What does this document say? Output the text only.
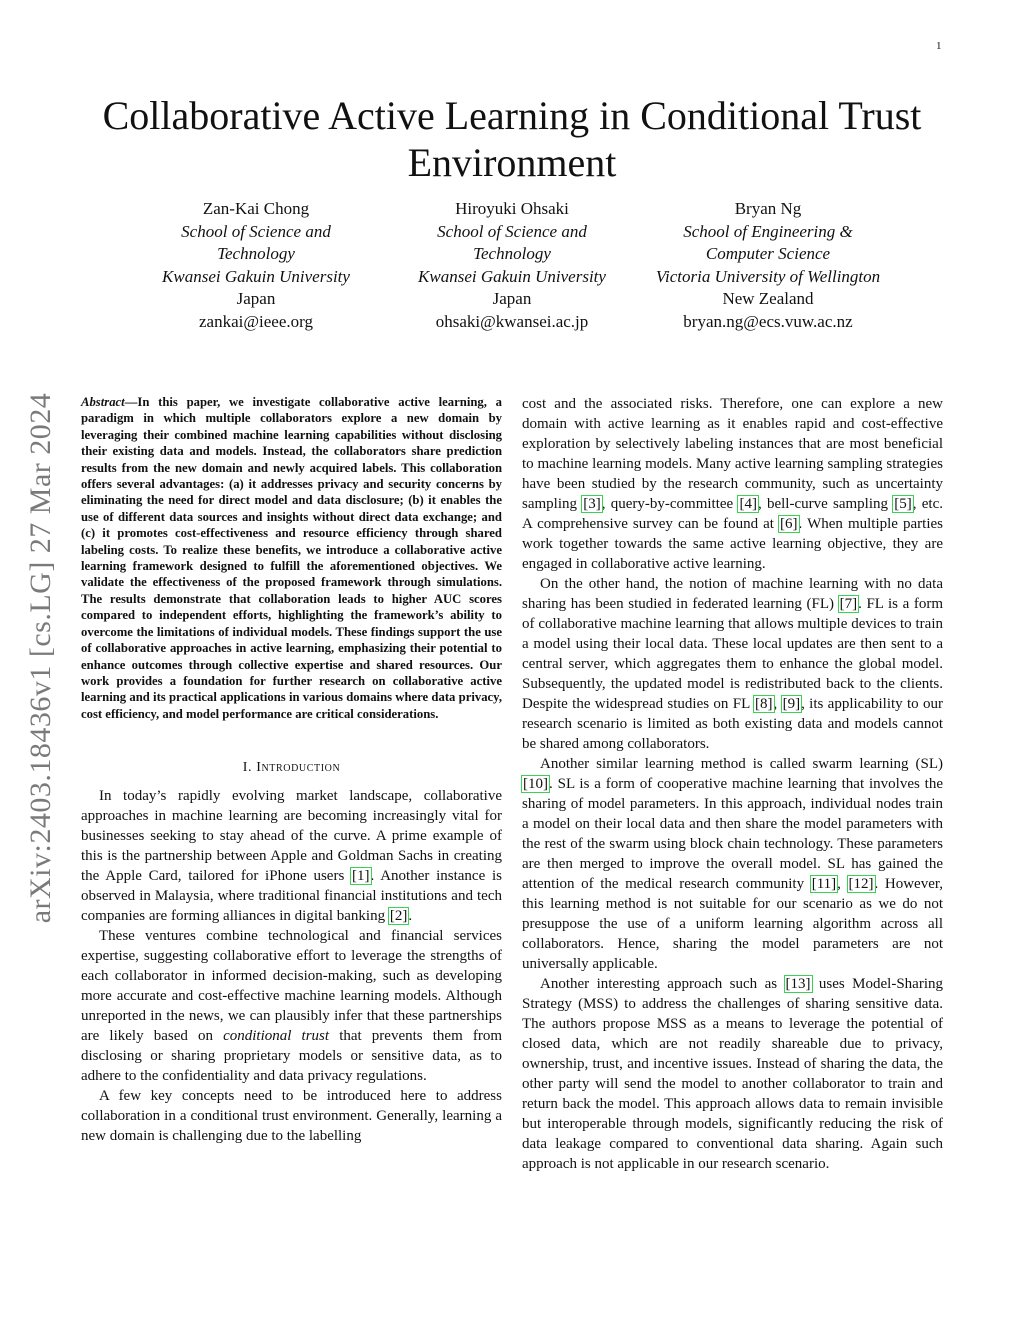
1
arXiv:2403.18436v1 [cs.LG] 27 Mar 2024
Collaborative Active Learning in Conditional Trust Environment
Zan-Kai Chong
School of Science and
Technology
Kwansei Gakuin University
Japan
zankai@ieee.org
Hiroyuki Ohsaki
School of Science and
Technology
Kwansei Gakuin University
Japan
ohsaki@kwansei.ac.jp
Bryan Ng
School of Engineering &
Computer Science
Victoria University of Wellington
New Zealand
bryan.ng@ecs.vuw.ac.nz

Abstract—In this paper, we investigate collaborative active learning, a paradigm in which multiple collaborators explore a new domain by leveraging their combined machine learning capabilities without disclosing their existing data and models. Instead, the collaborators share prediction results from the new domain and newly acquired labels. This collaboration offers several advantages: (a) it addresses privacy and security concerns by eliminating the need for direct model and data disclosure; (b) it enables the use of different data sources and insights without direct data exchange; and (c) it promotes cost-effectiveness and resource efficiency through shared labeling costs. To realize these benefits, we introduce a collaborative active learning framework designed to fulfill the aforementioned objectives. We validate the effectiveness of the proposed framework through simulations. The results demonstrate that collaboration leads to higher AUC scores compared to independent efforts, highlighting the framework’s ability to overcome the limitations of individual models. These findings support the use of collaborative approaches in active learning, emphasizing their potential to enhance outcomes through collective expertise and shared resources. Our work provides a foundation for further research on collaborative active learning and its practical applications in various domains where data privacy, cost efficiency, and model performance are critical considerations.

I. Introduction

In today’s rapidly evolving market landscape, collaborative approaches in machine learning are becoming increasingly vital for businesses seeking to stay ahead of the curve. A prime example of this is the partnership between Apple and Goldman Sachs in creating the Apple Card, tailored for iPhone users [1]. Another instance is observed in Malaysia, where traditional financial institutions and tech companies are forming alliances in digital banking [2].

These ventures combine technological and financial services expertise, suggesting collaborative effort to leverage the strengths of each collaborator in informed decision-making, such as developing more accurate and cost-effective machine learning models. Although unreported in the news, we can plausibly infer that these partnerships are likely based on conditional trust that prevents them from disclosing or sharing proprietary models or sensitive data, as to adhere to the confidentiality and data privacy regulations.

A few key concepts need to be introduced here to address collaboration in a conditional trust environment. Generally, learning a new domain is challenging due to the labelling

cost and the associated risks. Therefore, one can explore a new domain with active learning as it enables rapid and cost-effective exploration by selectively labeling instances that are most beneficial to machine learning models. Many active learning sampling strategies have been studied by the research community, such as uncertainty sampling [3], query-by-committee [4], bell-curve sampling [5], etc. A comprehensive survey can be found at [6]. When multiple parties work together towards the same active learning objective, they are engaged in collaborative active learning.

On the other hand, the notion of machine learning with no data sharing has been studied in federated learning (FL) [7]. FL is a form of collaborative machine learning that allows multiple devices to train a model using their local data. These local updates are then sent to a central server, which aggregates them to enhance the global model. Subsequently, the updated model is redistributed back to the clients. Despite the widespread studies on FL [8], [9], its applicability to our research scenario is limited as both existing data and models cannot be shared among collaborators.

Another similar learning method is called swarm learning (SL) [10]. SL is a form of cooperative machine learning that involves the sharing of model parameters. In this approach, individual nodes train a model on their local data and then share the model parameters with the rest of the swarm using block chain technology. These parameters are then merged to improve the overall model. SL has gained the attention of the medical research community [11], [12]. However, this learning method is not suitable for our scenario as we do not presuppose the use of a uniform learning algorithm across all collaborators. Hence, sharing the model parameters are not universally applicable.

Another interesting approach such as [13] uses Model-Sharing Strategy (MSS) to address the challenges of sharing sensitive data. The authors propose MSS as a means to leverage the potential of closed data, which are not readily shareable due to privacy, ownership, trust, and incentive issues. Instead of sharing the data, the other party will send the model to another collaborator to train and return back the model. This approach allows data to remain invisible but interoperable through models, significantly reducing the risk of data leakage compared to conventional data sharing. Again such approach is not applicable in our research scenario.
